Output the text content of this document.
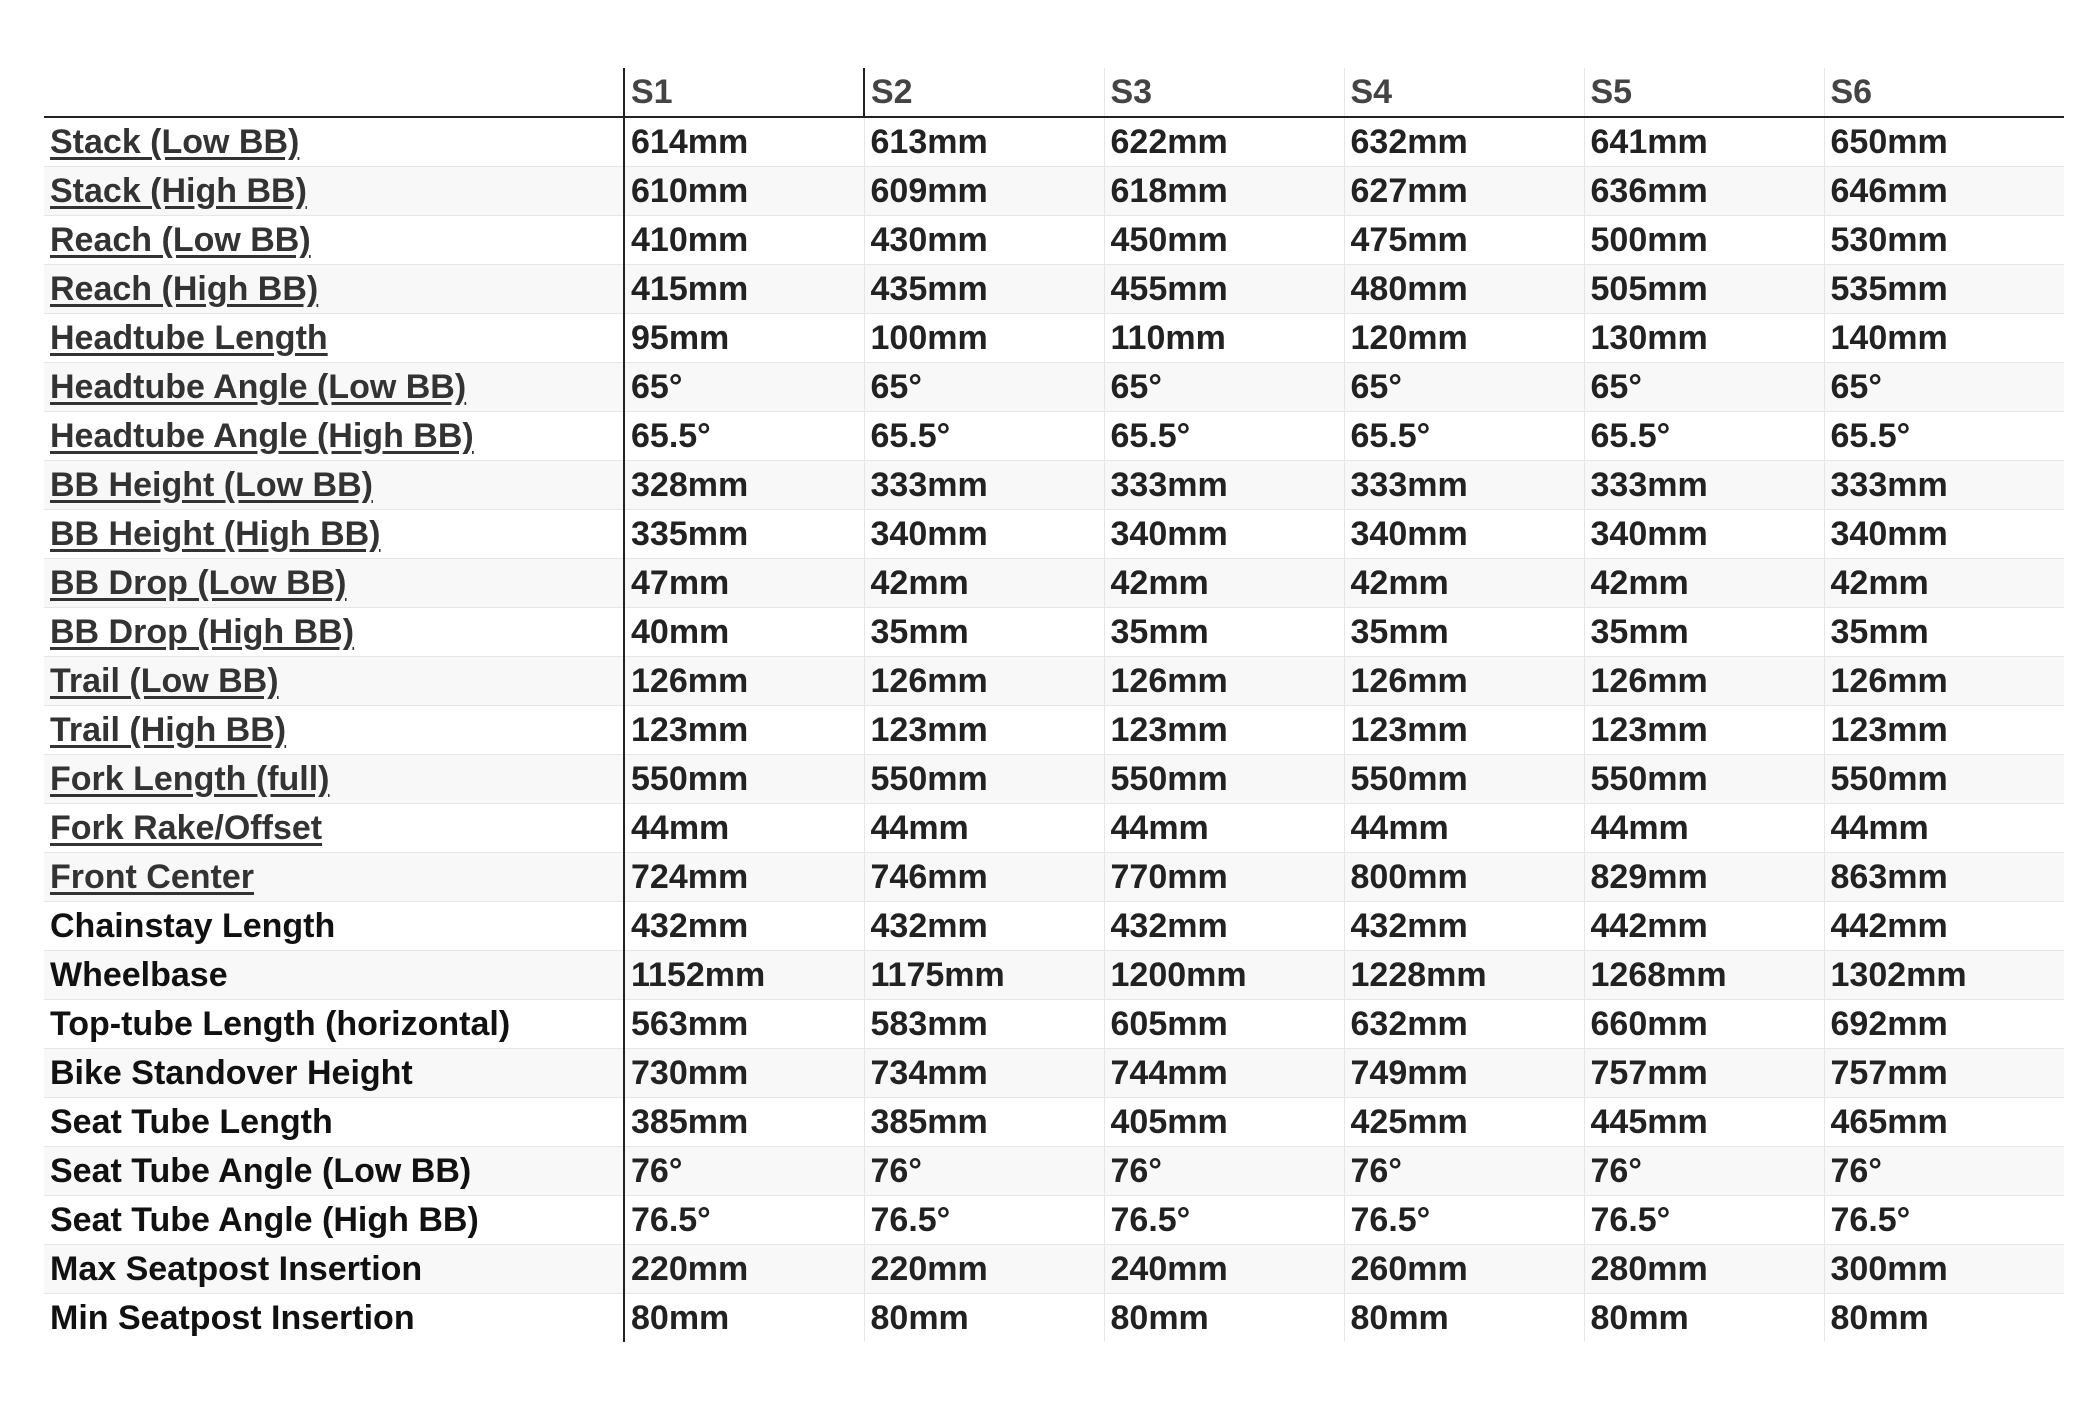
	S1	S2	S3	S4	S5	S6
Stack (Low BB)	614mm	613mm	622mm	632mm	641mm	650mm
Stack (High BB)	610mm	609mm	618mm	627mm	636mm	646mm
Reach (Low BB)	410mm	430mm	450mm	475mm	500mm	530mm
Reach (High BB)	415mm	435mm	455mm	480mm	505mm	535mm
Headtube Length	95mm	100mm	110mm	120mm	130mm	140mm
Headtube Angle (Low BB)	65°	65°	65°	65°	65°	65°
Headtube Angle (High BB)	65.5°	65.5°	65.5°	65.5°	65.5°	65.5°
BB Height (Low BB)	328mm	333mm	333mm	333mm	333mm	333mm
BB Height (High BB)	335mm	340mm	340mm	340mm	340mm	340mm
BB Drop (Low BB)	47mm	42mm	42mm	42mm	42mm	42mm
BB Drop (High BB)	40mm	35mm	35mm	35mm	35mm	35mm
Trail (Low BB)	126mm	126mm	126mm	126mm	126mm	126mm
Trail (High BB)	123mm	123mm	123mm	123mm	123mm	123mm
Fork Length (full)	550mm	550mm	550mm	550mm	550mm	550mm
Fork Rake/Offset	44mm	44mm	44mm	44mm	44mm	44mm
Front Center	724mm	746mm	770mm	800mm	829mm	863mm
Chainstay Length	432mm	432mm	432mm	432mm	442mm	442mm
Wheelbase	1152mm	1175mm	1200mm	1228mm	1268mm	1302mm
Top-tube Length (horizontal)	563mm	583mm	605mm	632mm	660mm	692mm
Bike Standover Height	730mm	734mm	744mm	749mm	757mm	757mm
Seat Tube Length	385mm	385mm	405mm	425mm	445mm	465mm
Seat Tube Angle (Low BB)	76°	76°	76°	76°	76°	76°
Seat Tube Angle (High BB)	76.5°	76.5°	76.5°	76.5°	76.5°	76.5°
Max Seatpost Insertion	220mm	220mm	240mm	260mm	280mm	300mm
Min Seatpost Insertion	80mm	80mm	80mm	80mm	80mm	80mm
